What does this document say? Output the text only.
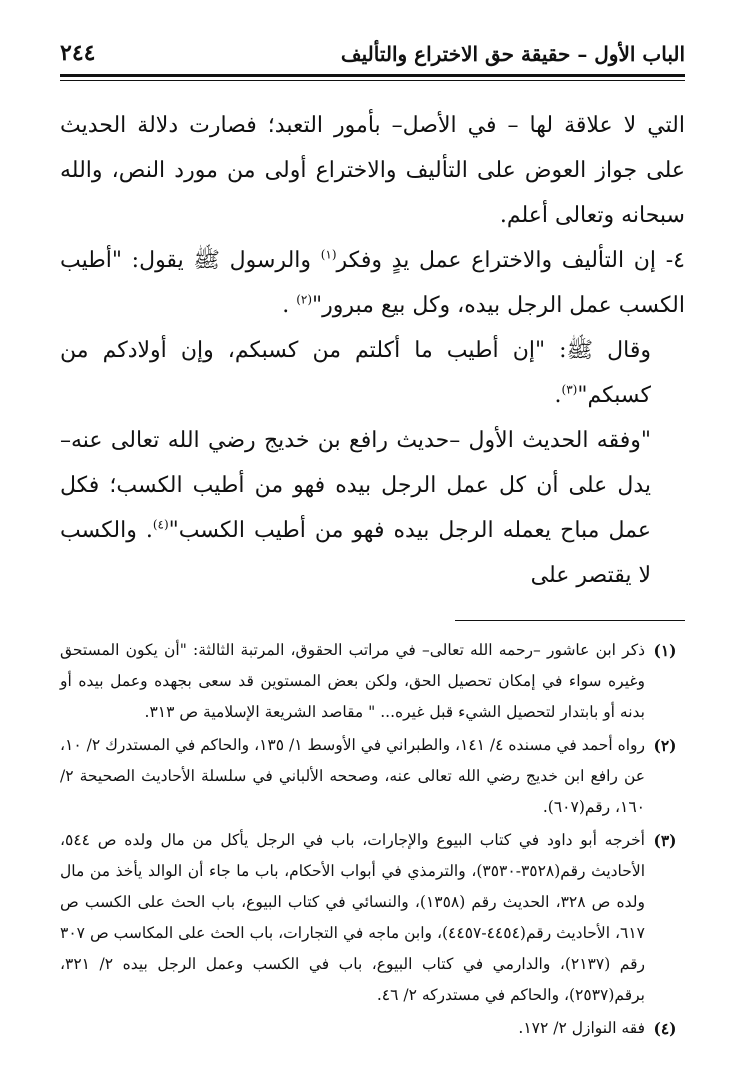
الباب الأول – حقيقة حق الاختراع والتأليف
٢٤٤

التي لا علاقة لها – في الأصل– بأمور التعبد؛ فصارت دلالة الحديث على جواز العوض على التأليف والاختراع أولى من مورد النص، والله سبحانه وتعالى أعلم.

٤- إن التأليف والاختراع عمل يدٍ وفكر$^{(١)}$ والرسول ﷺ يقول: "أطيب الكسب عمل الرجل بيده، وكل بيع مبرور"$^{(٢)}$ .

وقال ﷺ: "إن أطيب ما أكلتم من كسبكم، وإن أولادكم من كسبكم"$^{(٣)}$.

"وفقه الحديث الأول –حديث رافع بن خديج رضي الله تعالى عنه– يدل على أن كل عمل الرجل بيده فهو من أطيب الكسب؛ فكل عمل مباح يعمله الرجل بيده فهو من أطيب الكسب"$^{(٤)}$. والكسب لا يقتصر على

(١)
ذكر ابن عاشور –رحمه الله تعالى– في مراتب الحقوق، المرتبة الثالثة: "أن يكون المستحق وغيره سواء في إمكان تحصيل الحق، ولكن بعض المستوين قد سعى بجهده وعمل بيده أو بدنه أو بابتدار لتحصيل الشيء قبل غيره... " مقاصد الشريعة الإسلامية ص ٣١٣.
(٢)
رواه أحمد في مسنده ٤/ ١٤١، والطبراني في الأوسط ١/ ١٣٥، والحاكم في المستدرك ٢/ ١٠، عن رافع ابن خديج رضي الله تعالى عنه، وصححه الألباني في سلسلة الأحاديث الصحيحة ٢/ ١٦٠، رقم(٦٠٧).
(٣)
أخرجه أبو داود في كتاب البيوع والإجارات، باب في الرجل يأكل من مال ولده ص ٥٤٤، الأحاديث رقم(٣٥٢٨-٣٥٣٠)، والترمذي في أبواب الأحكام، باب ما جاء أن الوالد يأخذ من مال ولده ص ٣٢٨، الحديث رقم (١٣٥٨)، والنسائي في كتاب البيوع، باب الحث على الكسب ص ٦١٧، الأحاديث رقم(٤٤٥٤-٤٤٥٧)، وابن ماجه في التجارات، باب الحث على المكاسب ص ٣٠٧ رقم (٢١٣٧)، والدارمي في كتاب البيوع، باب في الكسب وعمل الرجل بيده ٢/ ٣٢١، برقم(٢٥٣٧)، والحاكم في مستدركه ٢/ ٤٦.
(٤)
فقه النوازل ٢/ ١٧٢.
